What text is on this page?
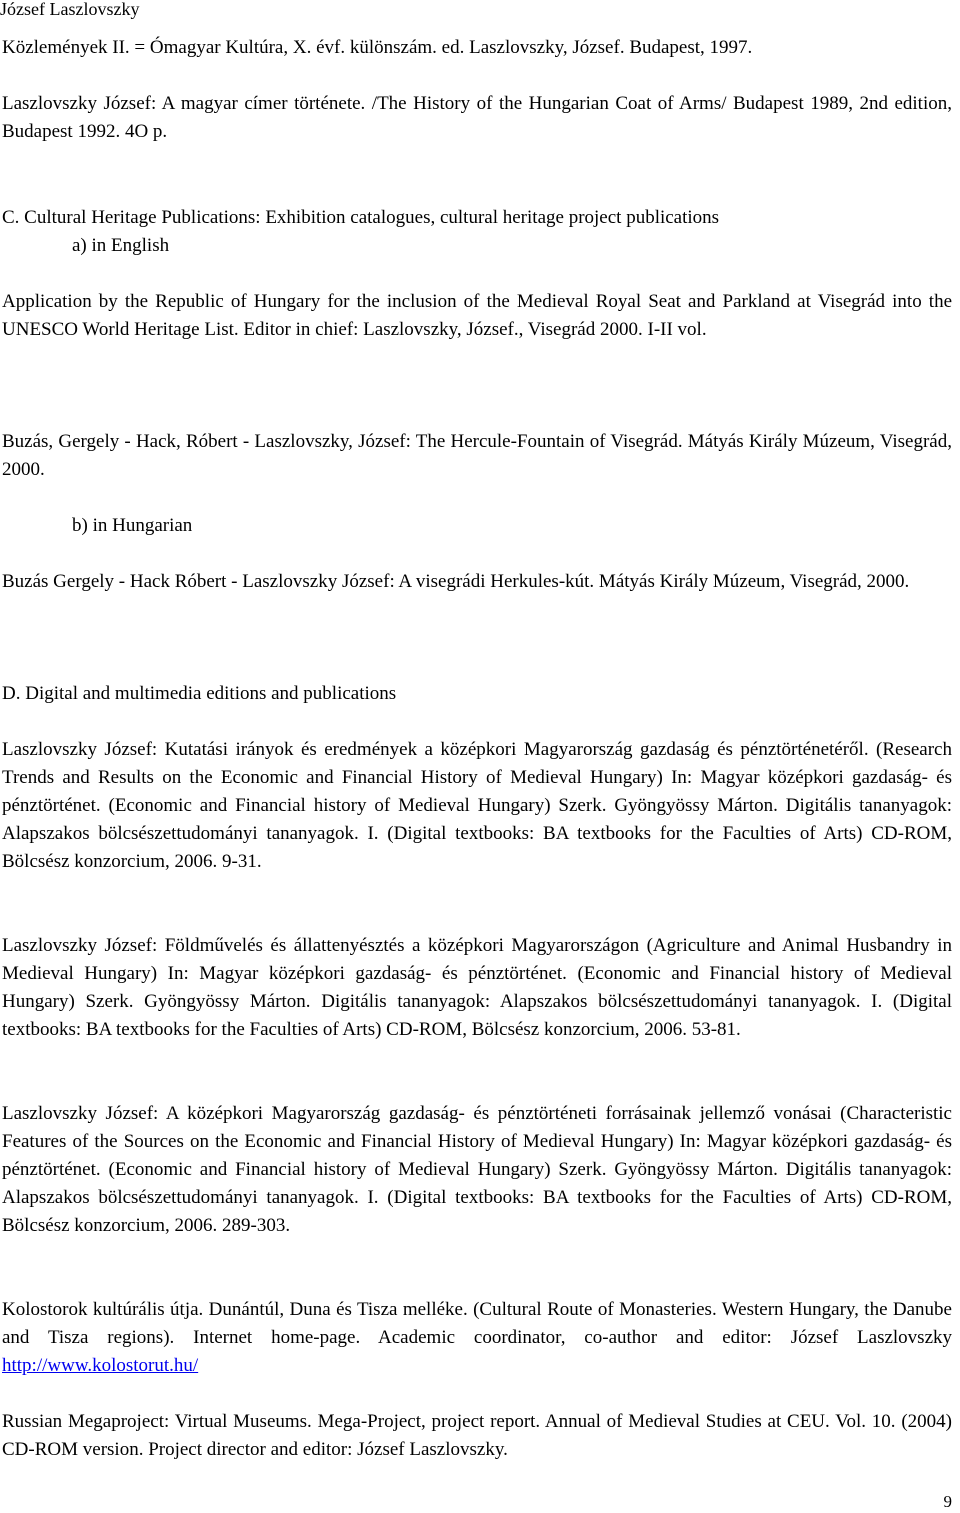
József Laszlovszky

Közlemények II. = Ómagyar Kultúra, X. évf. különszám. ed. Laszlovszky, József. Budapest, 1997.

Laszlovszky József: A magyar címer története. /The History of the Hungarian Coat of Arms/ Budapest 1989, 2nd edition, Budapest 1992. 4O p.

C. Cultural Heritage Publications: Exhibition catalogues, cultural heritage project publications
a) in English

Application by the Republic of Hungary for the inclusion of the Medieval Royal Seat and Parkland at Visegrád into the UNESCO World Heritage List. Editor in chief: Laszlovszky, József., Visegrád 2000. I-II vol.

Buzás, Gergely - Hack, Róbert - Laszlovszky, József: The Hercule-Fountain of Visegrád. Mátyás Király Múzeum, Visegrád, 2000.

b) in Hungarian

Buzás Gergely - Hack Róbert - Laszlovszky József: A visegrádi Herkules-kút. Mátyás Király Múzeum, Visegrád, 2000.

D. Digital and multimedia editions and publications

Laszlovszky József: Kutatási irányok és eredmények a középkori Magyarország gazdaság és pénztörténetéről. (Research Trends and Results on the Economic and Financial History of Medieval Hungary) In: Magyar középkori gazdaság- és pénztörténet. (Economic and Financial history of Medieval Hungary) Szerk. Gyöngyössy Márton. Digitális tananyagok: Alapszakos bölcsészettudományi tananyagok. I. (Digital textbooks: BA textbooks for the Faculties of Arts) CD-ROM, Bölcsész konzorcium, 2006. 9-31.

Laszlovszky József: Földművelés és állattenyésztés a középkori Magyarországon (Agriculture and Animal Husbandry in Medieval Hungary) In: Magyar középkori gazdaság- és pénztörténet. (Economic and Financial history of Medieval Hungary) Szerk. Gyöngyössy Márton. Digitális tananyagok: Alapszakos bölcsészettudományi tananyagok. I. (Digital textbooks: BA textbooks for the Faculties of Arts) CD-ROM, Bölcsész konzorcium, 2006. 53-81.

Laszlovszky József: A középkori Magyarország gazdaság- és pénztörténeti forrásainak jellemző vonásai (Characteristic Features of the Sources on the Economic and Financial History of Medieval Hungary) In: Magyar középkori gazdaság- és pénztörténet. (Economic and Financial history of Medieval Hungary) Szerk. Gyöngyössy Márton. Digitális tananyagok: Alapszakos bölcsészettudományi tananyagok. I. (Digital textbooks: BA textbooks for the Faculties of Arts) CD-ROM, Bölcsész konzorcium, 2006. 289-303.

Kolostorok kultúrális útja. Dunántúl, Duna és Tisza melléke. (Cultural Route of Monasteries. Western Hungary, the Danube and Tisza regions). Internet home-page. Academic coordinator, co-author and editor: József Laszlovszky http://www.kolostorut.hu/

Russian Megaproject: Virtual Museums. Mega-Project, project report. Annual of Medieval Studies at CEU. Vol. 10. (2004) CD-ROM version. Project director and editor: József Laszlovszky.

9
